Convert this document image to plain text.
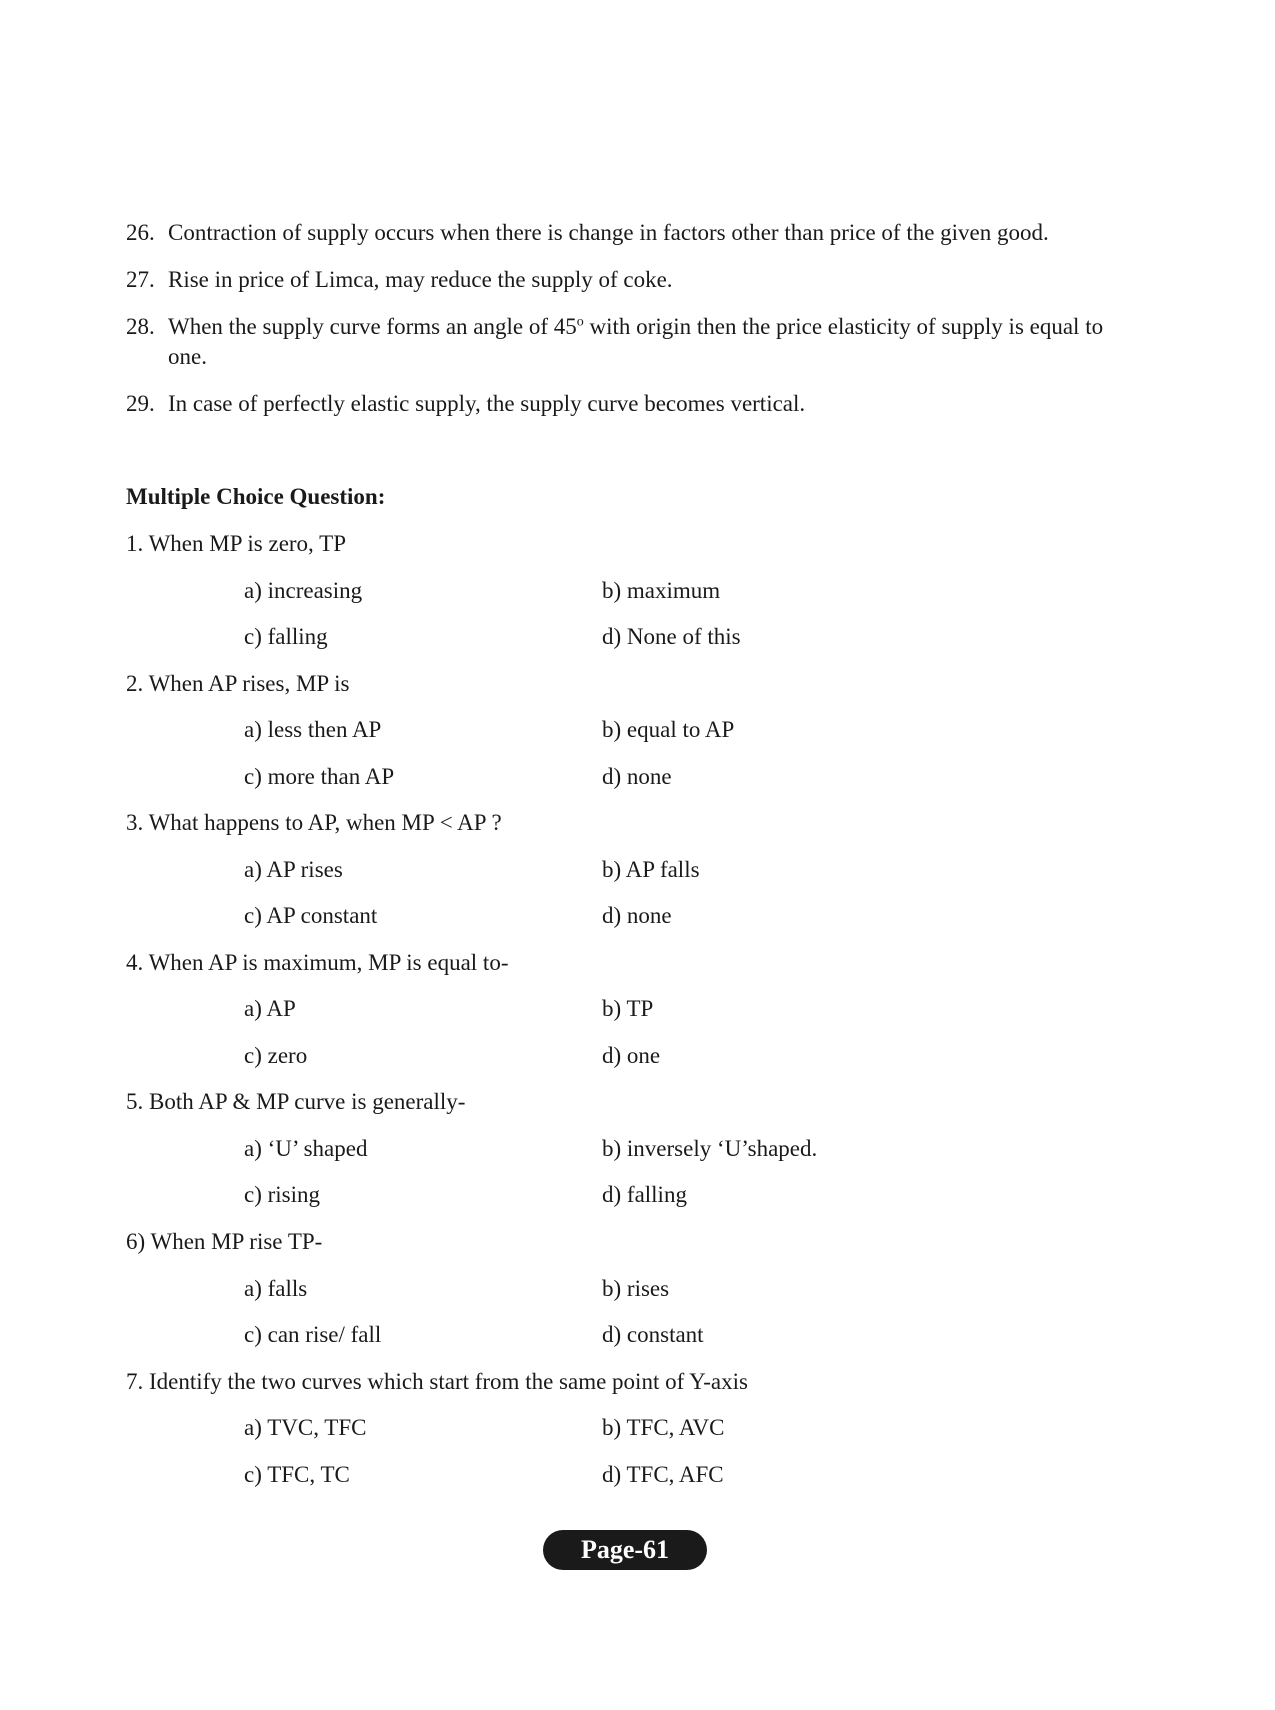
26. Contraction of supply occurs when there is change in factors other than price of the given good.
27. Rise in price of Limca, may reduce the supply of coke.
28. When the supply curve forms an angle of 45$^o$ with origin then the price elasticity of supply is equal to one.
29. In case of perfectly elastic supply, the supply curve becomes vertical.
Multiple Choice Question:
1. When MP is zero, TP
a) increasing	b) maximum
c) falling	d) None of this
2. When AP rises, MP is
a) less then AP	b) equal to AP
c) more than AP	d) none
3. What happens to AP, when MP < AP ?
a) AP rises	b) AP falls
c) AP constant	d) none
4. When AP is maximum, MP is equal to-
a) AP	b) TP
c) zero	d) one
5. Both AP & MP curve is generally-
a) ‘U’ shaped	b) inversely ‘U’shaped.
c) rising	d) falling
6) When MP rise TP-
a) falls	b) rises
c) can rise/ fall	d) constant
7. Identify the two curves which start from the same point of Y-axis
a) TVC, TFC	b) TFC, AVC
c) TFC, TC	d) TFC, AFC
Page-61
